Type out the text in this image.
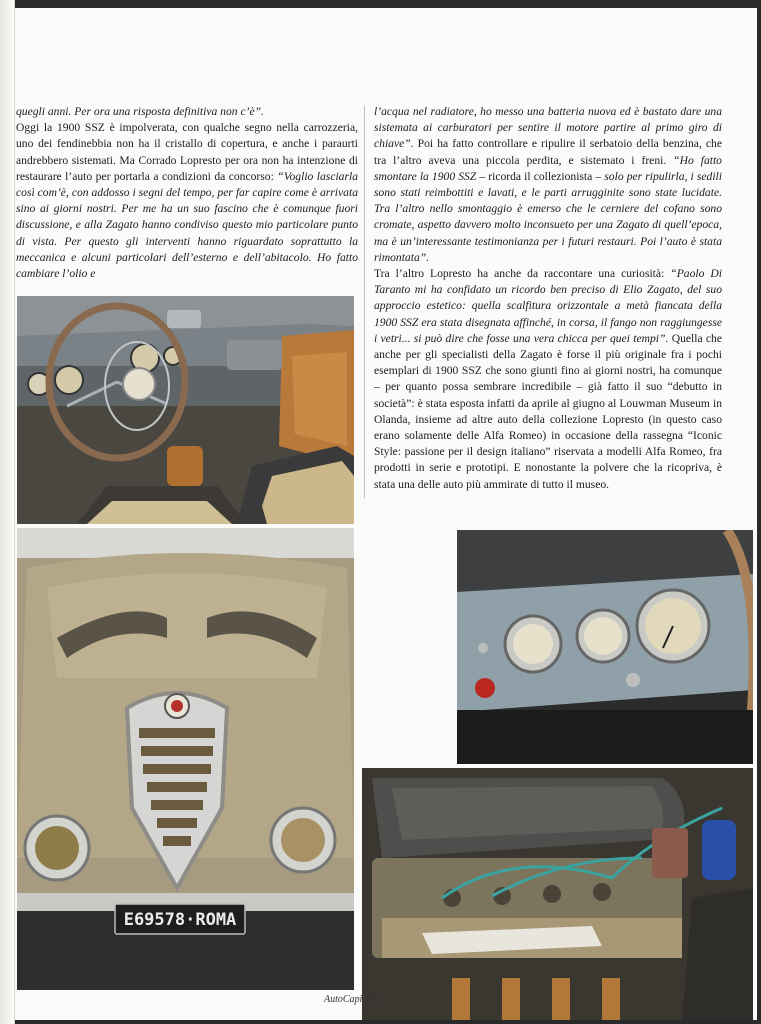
quegli anni. Per ora una risposta definitiva non c’è”.

Oggi la 1900 SSZ è impolverata, con qualche segno nella carrozzeria, uno dei fendinebbia non ha il cristallo di copertura, e anche i paraurti andrebbero sistemati. Ma Corrado Lopresto per ora non ha intenzione di restaurare l’auto per portarla a condizioni da concorso: “Voglio lasciarla così com’è, con addosso i segni del tempo, per far capire come è arrivata sino ai giorni nostri. Per me ha un suo fascino che è comunque fuori discussione, e alla Zagato hanno condiviso questo mio particolare punto di vista. Per questo gli interventi hanno riguardato soprattutto la meccanica e alcuni particolari dell’esterno e dell’abitacolo. Ho fatto cambiare l’olio e

l’acqua nel radiatore, ho messo una batteria nuova ed è bastato dare una sistemata ai carburatori per sentire il motore partire al primo giro di chiave”. Poi ha fatto controllare e ripulire il serbatoio della benzina, che tra l’altro aveva una piccola perdita, e sistemato i freni. “Ho fatto smontare la 1900 SSZ – ricorda il collezionista – solo per ripulirla, i sedili sono stati reimbottiti e lavati, e le parti arrugginite sono state lucidate. Tra l’altro nello smontaggio è emerso che le cerniere del cofano sono cromate, aspetto davvero molto inconsueto per una Zagato di quell’epoca, ma è un’interessante testimonianza per i futuri restauri. Poi l’auto è stata rimontata”.

Tra l’altro Lopresto ha anche da raccontare una curiosità: “Paolo Di Taranto mi ha confidato un ricordo ben preciso di Elio Zagato, del suo approccio estetico: quella scalfitura orizzontale a metà fiancata della 1900 SSZ era stata disegnata affinché, in corsa, il fango non raggiungesse i vetri... si può dire che fosse una vera chicca per quei tempi”. Quella che anche per gli specialisti della Zagato è forse il più originale fra i pochi esemplari di 1900 SSZ che sono giunti fino ai giorni nostri, ha comunque – per quanto possa sembrare incredibile – già fatto il suo “debutto in società”: è stata esposta infatti da aprile al giugno al Louwman Museum in Olanda, insieme ad altre auto della collezione Lopresto (in questo caso erano solamente delle Alfa Romeo) in occasione della rassegna “Iconic Style: passione per il design italiano” riservata a modelli Alfa Romeo, fra prodotti in serie e prototipi. E nonostante la polvere che la ricopriva, è stata una delle auto più ammirate di tutto il museo.

E69578·ROMA
AutoCapi 105
